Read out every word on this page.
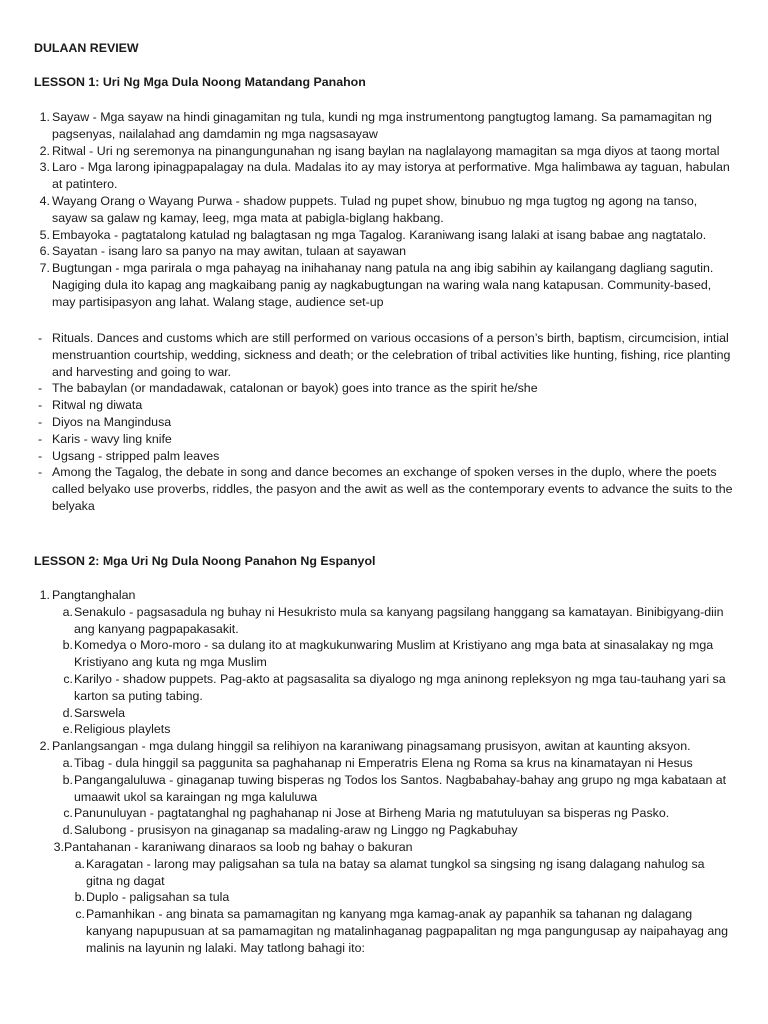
DULAAN REVIEW
LESSON 1: Uri Ng Mga Dula Noong Matandang Panahon
1. Sayaw - Mga sayaw na hindi ginagamitan ng tula, kundi ng mga instrumentong pangtugtog lamang. Sa pamamagitan ng pagsenyas, nailalahad ang damdamin ng mga nagsasayaw
2. Ritwal - Uri ng seremonya na pinangungunahan ng isang baylan na naglalayong mamagitan sa mga diyos at taong mortal
3. Laro - Mga larong ipinagpapalagay na dula. Madalas ito ay may istorya at performative. Mga halimbawa ay taguan, habulan at patintero.
4. Wayang Orang o Wayang Purwa - shadow puppets. Tulad ng pupet show, binubuo ng mga tugtog ng agong na tanso, sayaw sa galaw ng kamay, leeg, mga mata at pabigla-biglang hakbang.
5. Embayoka - pagtatalong katulad ng balagtasan ng mga Tagalog. Karaniwang isang lalaki at isang babae ang nagtatalo.
6. Sayatan - isang laro sa panyo na may awitan, tulaan at sayawan
7. Bugtungan - mga parirala o mga pahayag na inihahanay nang patula na ang ibig sabihin ay kailangang dagliang sagutin. Nagiging dula ito kapag ang magkaibang panig ay nagkabugtungan na waring wala nang katapusan. Community-based, may partisipasyon ang lahat. Walang stage, audience set-up
- Rituals. Dances and customs which are still performed on various occasions of a person’s birth, baptism, circumcision, intial menstruantion courtship, wedding, sickness and death; or the celebration of tribal activities like hunting, fishing, rice planting and harvesting and going to war.
- The babaylan (or mandadawak, catalonan or bayok) goes into trance as the spirit he/she
- Ritwal ng diwata
- Diyos na Mangindusa
- Karis - wavy ling knife
- Ugsang - stripped palm leaves
- Among the Tagalog, the debate in song and dance becomes an exchange of spoken verses in the duplo, where the poets called belyako use proverbs, riddles, the pasyon and the awit as well as the contemporary events to advance the suits to the belyaka
LESSON 2: Mga Uri Ng Dula Noong Panahon Ng Espanyol
1. Pangtanghalan
a. Senakulo - pagsasadula ng buhay ni Hesukristo mula sa kanyang pagsilang hanggang sa kamatayan. Binibigyang-diin ang kanyang pagpapakasakit.
b. Komedya o Moro-moro - sa dulang ito at magkukunwaring Muslim at Kristiyano ang mga bata at sinasalakay ng mga Kristiyano ang kuta ng mga Muslim
c. Karilyo - shadow puppets. Pag-akto at pagsasalita sa diyalogo ng mga aninong repleksyon ng mga tau-tauhang yari sa karton sa puting tabing.
d. Sarswela
e. Religious playlets
2. Panlangsangan - mga dulang hinggil sa relihiyon na karaniwang pinagsamang prusisyon, awitan at kaunting aksyon.
a. Tibag - dula hinggil sa paggunita sa paghahanap ni Emperatris Elena ng Roma sa krus na kinamatayan ni Hesus
b. Pangangaluluwa - ginaganap tuwing bisperas ng Todos los Santos. Nagbabahay-bahay ang grupo ng mga kabataan at umaawit ukol sa karaingan ng mga kaluluwa
c. Panunuluyan - pagtatanghal ng paghahanap ni Jose at Birheng Maria ng matutuluyan sa bisperas ng Pasko.
d. Salubong - prusisyon na ginaganap sa madaling-araw ng Linggo ng Pagkabuhay
3. Pantahanan - karaniwang dinaraos sa loob ng bahay o bakuran
a. Karagatan - larong may paligsahan sa tula na batay sa alamat tungkol sa singsing ng isang dalagang nahulog sa gitna ng dagat
b. Duplo - paligsahan sa tula
c. Pamanhikan - ang binata sa pamamagitan ng kanyang mga kamag-anak ay papanhik sa tahanan ng dalagang kanyang napupusuan at sa pamamagitan ng matalinhaganag pagpapalitan ng mga pangungusap ay naipahayag ang malinis na layunin ng lalaki. May tatlong bahagi ito:
